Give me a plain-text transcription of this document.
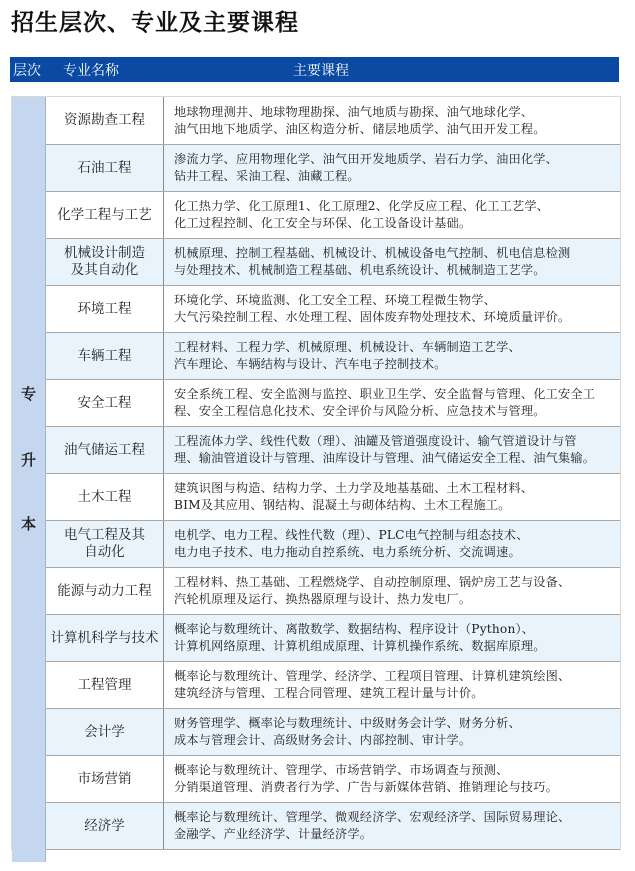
招生层次、专业及主要课程
层次 专业名称	主要课程
专
升
本
资源勘查工程
地球物理测井、地球物理勘探、油气地质与勘探、油气地球化学、
油气田地下地质学、油区构造分析、储层地质学、油气田开发工程。
石油工程
渗流力学、应用物理化学、油气田开发地质学、岩石力学、油田化学、
钻井工程、采油工程、油藏工程。
化学工程与工艺
化工热力学、化工原理1、化工原理2、化学反应工程、化工工艺学、
化工过程控制、化工安全与环保、化工设备设计基础。
机械设计制造
及其自动化
机械原理、控制工程基础、机械设计、机械设备电气控制、机电信息检测
与处理技术、机械制造工程基础、机电系统设计、机械制造工艺学。
环境工程
环境化学、环境监测、化工安全工程、环境工程微生物学、
大气污染控制工程、水处理工程、固体废弃物处理技术、环境质量评价。
车辆工程
工程材料、工程力学、机械原理、机械设计、车辆制造工艺学、
汽车理论、车辆结构与设计、汽车电子控制技术。
安全工程
安全系统工程、安全监测与监控、职业卫生学、安全监督与管理、化工安全工
程、安全工程信息化技术、安全评价与风险分析、应急技术与管理。
油气储运工程
工程流体力学、线性代数（理）、油罐及管道强度设计、输气管道设计与管
理、输油管道设计与管理、油库设计与管理、油气储运安全工程、油气集输。
土木工程
建筑识图与构造、结构力学、土力学及地基基础、土木工程材料、
BIM及其应用、钢结构、混凝土与砌体结构、土木工程施工。
电气工程及其
自动化
电机学、电力工程、线性代数（理）、PLC电气控制与组态技术、
电力电子技术、电力拖动自控系统、电力系统分析、交流调速。
能源与动力工程
工程材料、热工基础、工程燃烧学、自动控制原理、锅炉房工艺与设备、
汽轮机原理及运行、换热器原理与设计、热力发电厂。
计算机科学与技术
概率论与数理统计、离散数学、数据结构、程序设计（Python）、
计算机网络原理、计算机组成原理、计算机操作系统、数据库原理。
工程管理
概率论与数理统计、管理学、经济学、工程项目管理、计算机建筑绘图、
建筑经济与管理、工程合同管理、建筑工程计量与计价。
会计学
财务管理学、概率论与数理统计、中级财务会计学、财务分析、
成本与管理会计、高级财务会计、内部控制、审计学。
市场营销
概率论与数理统计、管理学、市场营销学、市场调查与预测、
分销渠道管理、消费者行为学、广告与新媒体营销、推销理论与技巧。
经济学
概率论与数理统计、管理学、微观经济学、宏观经济学、国际贸易理论、
金融学、产业经济学、计量经济学。
